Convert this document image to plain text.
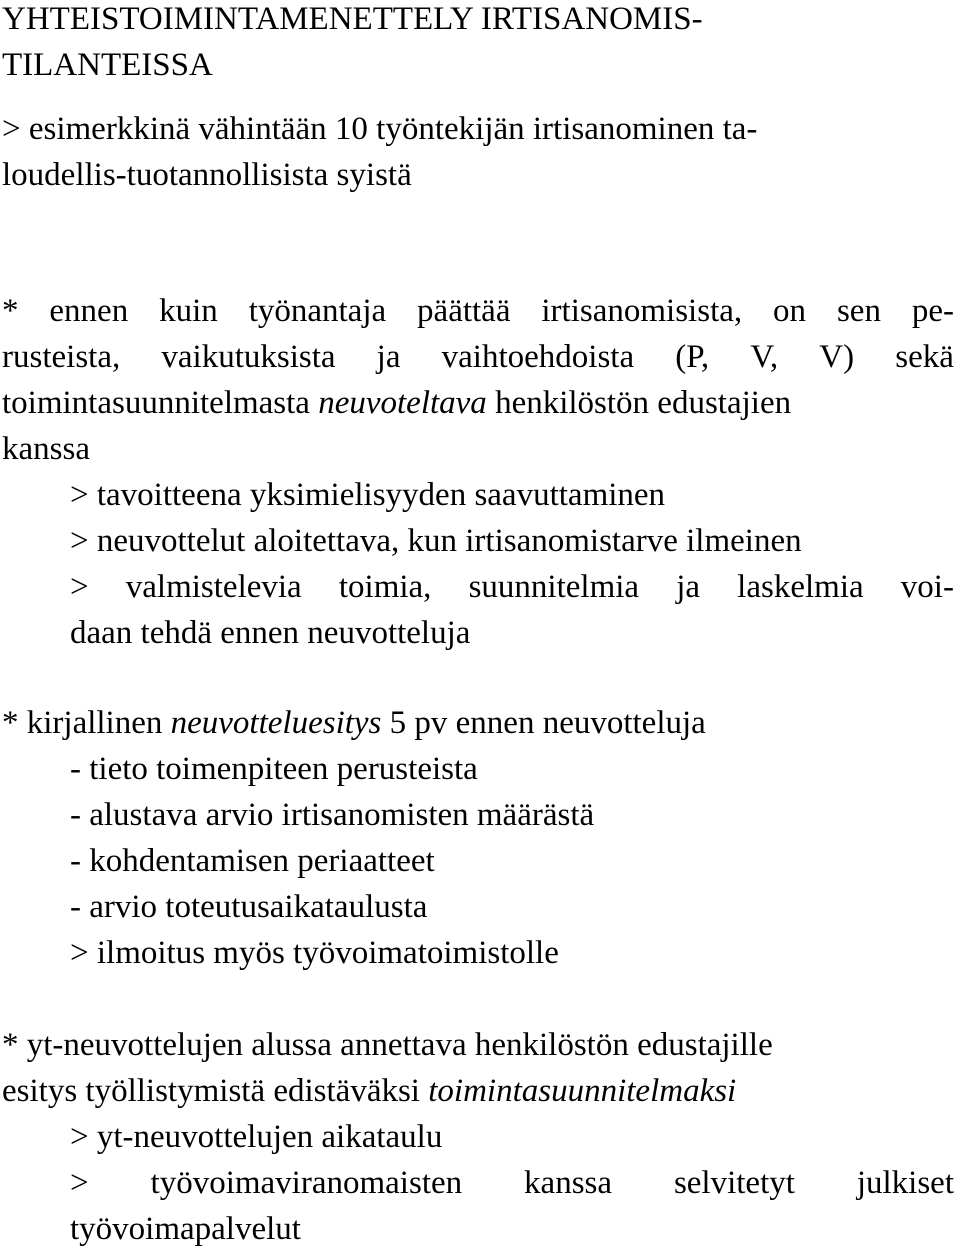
YHTEISTOIMINTAMENETTELY IRTISANOMIS-
TILANTEISSA
> esimerkkinä vähintään 10 työntekijän irtisanominen ta-
loudellis-tuotannollisista syistä
* ennen kuin työnantaja päättää irtisanomisista, on sen pe-
rusteista, vaikutuksista ja vaihtoehdoista (P, V, V) sekä
toimintasuunnitelmasta neuvoteltava henkilöstön edustajien
kanssa
> tavoitteena yksimielisyyden saavuttaminen
> neuvottelut aloitettava, kun irtisanomistarve ilmeinen
> valmistelevia toimia, suunnitelmia ja laskelmia voi-
daan tehdä ennen neuvotteluja
* kirjallinen neuvotteluesitys 5 pv ennen neuvotteluja
- tieto toimenpiteen perusteista
- alustava arvio irtisanomisten määrästä
- kohdentamisen periaatteet
- arvio toteutusaikataulusta
> ilmoitus myös työvoimatoimistolle
* yt-neuvottelujen alussa annettava henkilöstön edustajille
esitys työllistymistä edistäväksi toimintasuunnitelmaksi
> yt-neuvottelujen aikataulu
> työvoimaviranomaisten kanssa selvitetyt julkiset
työvoimapalvelut
